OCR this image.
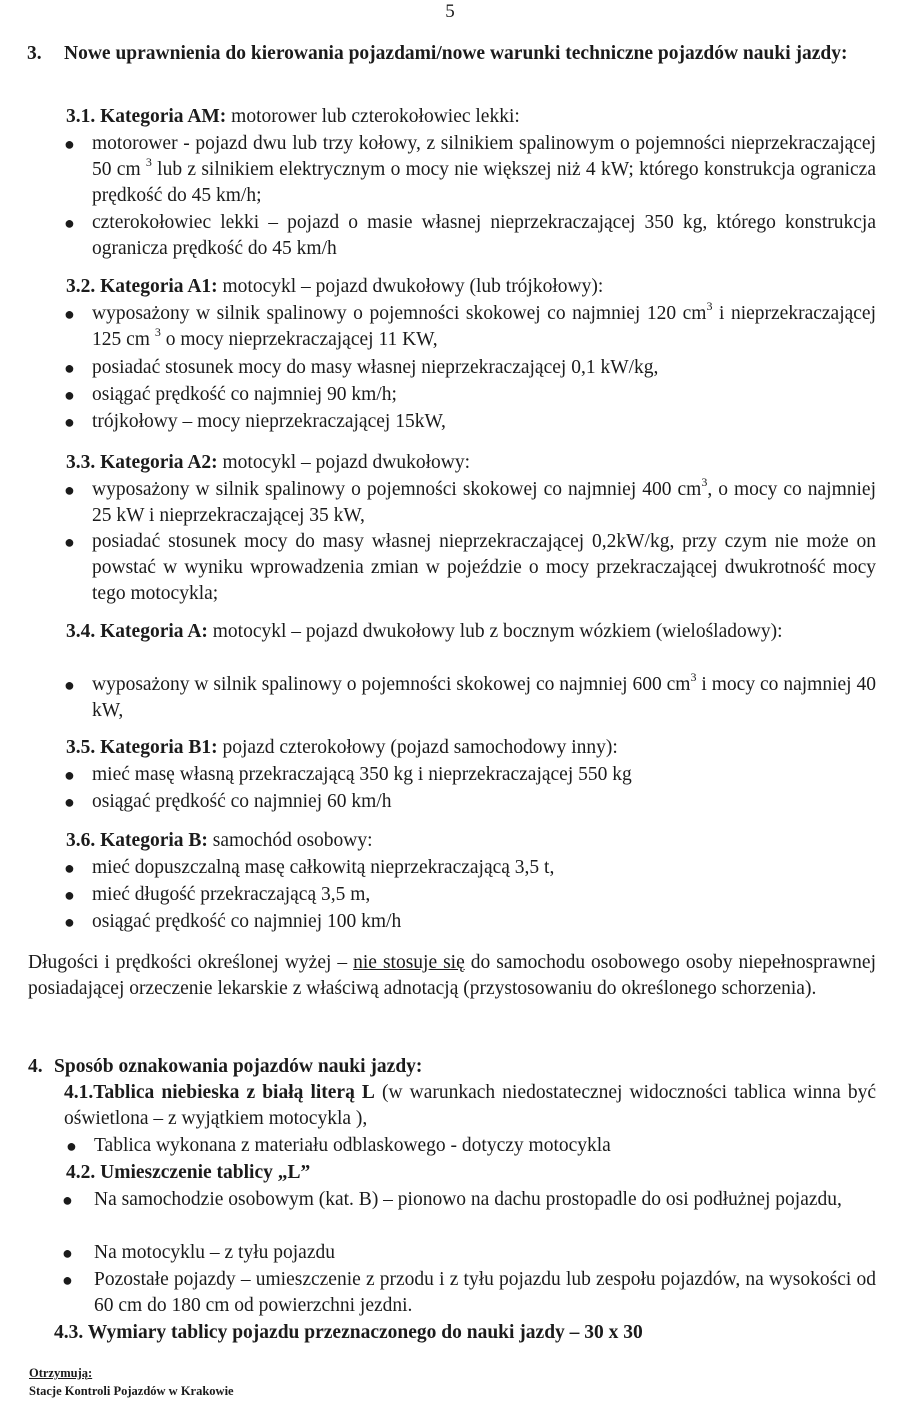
5
3.	Nowe uprawnienia do kierowania pojazdami/nowe warunki techniczne pojazdów nauki jazdy:
3.1. Kategoria AM: motorower lub czterokołowiec lekki:
● motorower - pojazd dwu lub trzy kołowy, z silnikiem spalinowym o pojemności nieprzekraczającej 50 cm $^3$ lub z silnikiem elektrycznym o mocy nie większej niż 4 kW; którego konstrukcja ogranicza prędkość do 45 km/h;
● czterokołowiec lekki – pojazd o masie własnej nieprzekraczającej 350 kg, którego konstrukcja ogranicza prędkość do 45 km/h
3.2. Kategoria A1: motocykl – pojazd dwukołowy (lub trójkołowy):
● wyposażony w silnik spalinowy o pojemności skokowej co najmniej 120 $cm^3$ i nieprzekraczającej 125 cm $^3$ o mocy nieprzekraczającej 11 KW,
● posiadać stosunek mocy do masy własnej nieprzekraczającej 0,1 kW/kg,
● osiągać prędkość co najmniej 90 km/h;
● trójkołowy – mocy nieprzekraczającej 15kW,
3.3. Kategoria A2: motocykl – pojazd dwukołowy:
● wyposażony w silnik spalinowy o pojemności skokowej co najmniej 400 $cm^3$, o mocy co najmniej 25 kW i nieprzekraczającej 35 kW,
● posiadać stosunek mocy do masy własnej nieprzekraczającej 0,2kW/kg, przy czym nie może on powstać w wyniku wprowadzenia zmian w pojeździe o mocy przekraczającej dwukrotność mocy tego motocykla;
3.4. Kategoria A: motocykl – pojazd dwukołowy lub z bocznym wózkiem (wielośladowy):
● wyposażony w silnik spalinowy o pojemności skokowej co najmniej 600 $cm^3$ i mocy co najmniej 40 kW,
3.5. Kategoria B1: pojazd czterokołowy (pojazd samochodowy inny):
● mieć masę własną przekraczającą 350 kg i nieprzekraczającej 550 kg
● osiągać prędkość co najmniej 60 km/h
3.6. Kategoria B: samochód osobowy:
● mieć dopuszczalną masę całkowitą nieprzekraczającą 3,5 t,
● mieć długość przekraczającą 3,5 m,
● osiągać prędkość co najmniej 100 km/h
Długości i prędkości określonej wyżej – nie stosuje się do samochodu osobowego osoby niepełnosprawnej posiadającej orzeczenie lekarskie z właściwą adnotacją (przystosowaniu do określonego schorzenia).
4. Sposób oznakowania pojazdów nauki jazdy:
4.1.Tablica niebieska z białą literą L (w warunkach niedostatecznej widoczności tablica winna być oświetlona – z wyjątkiem motocykla ),
● Tablica wykonana z materiału odblaskowego - dotyczy motocykla
4.2. Umieszczenie tablicy „L”
● Na samochodzie osobowym (kat. B) – pionowo na dachu prostopadle do osi podłużnej pojazdu,
● Na motocyklu – z tyłu pojazdu
● Pozostałe pojazdy – umieszczenie z przodu i z tyłu pojazdu lub zespołu pojazdów, na wysokości od 60 cm do 180 cm od powierzchni jezdni.
4.3. Wymiary tablicy pojazdu przeznaczonego do nauki jazdy – 30 x 30
Otrzymują:
Stacje Kontroli Pojazdów w Krakowie
